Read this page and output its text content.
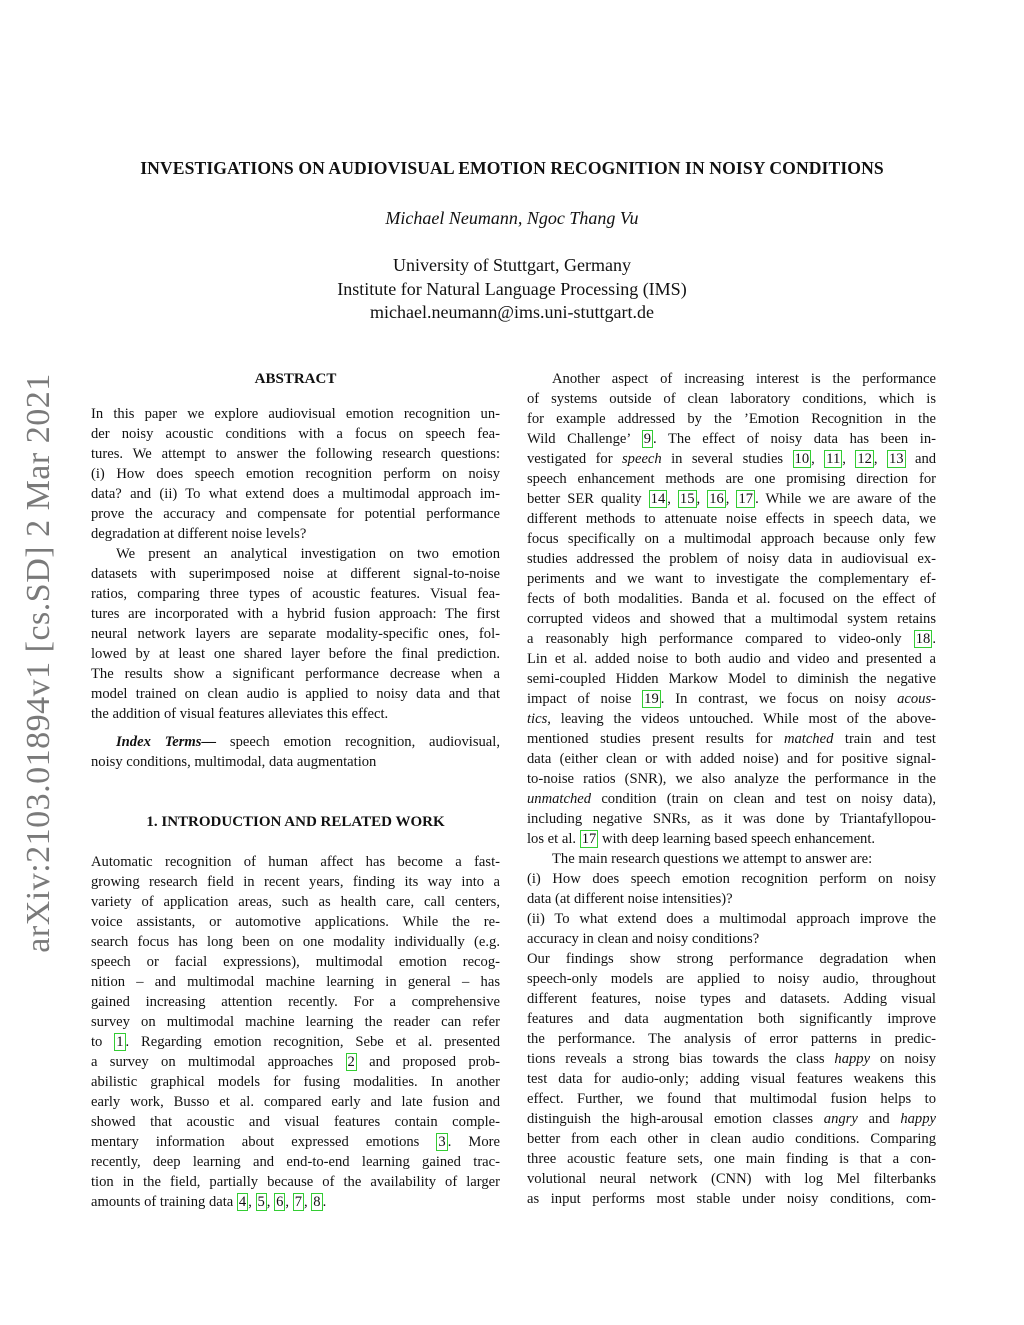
arXiv:2103.01894v1 [cs.SD] 2 Mar 2021
INVESTIGATIONS ON AUDIOVISUAL EMOTION RECOGNITION IN NOISY CONDITIONS
Michael Neumann, Ngoc Thang Vu
University of Stuttgart, Germany
Institute for Natural Language Processing (IMS)
michael.neumann@ims.uni-stuttgart.de
ABSTRACT
In this paper we explore audiovisual emotion recognition un-
der noisy acoustic conditions with a focus on speech fea-
tures. We attempt to answer the following research questions:
(i) How does speech emotion recognition perform on noisy
data? and (ii) To what extend does a multimodal approach im-
prove the accuracy and compensate for potential performance
degradation at different noise levels?
We present an analytical investigation on two emotion
datasets with superimposed noise at different signal-to-noise
ratios, comparing three types of acoustic features. Visual fea-
tures are incorporated with a hybrid fusion approach: The first
neural network layers are separate modality-specific ones, fol-
lowed by at least one shared layer before the final prediction.
The results show a significant performance decrease when a
model trained on clean audio is applied to noisy data and that
the addition of visual features alleviates this effect.
Index Terms— speech emotion recognition, audiovisual,
noisy conditions, multimodal, data augmentation
1. INTRODUCTION AND RELATED WORK
Automatic recognition of human affect has become a fast-
growing research field in recent years, finding its way into a
variety of application areas, such as health care, call centers,
voice assistants, or automotive applications. While the re-
search focus has long been on one modality individually (e.g.
speech or facial expressions), multimodal emotion recog-
nition – and multimodal machine learning in general – has
gained increasing attention recently. For a comprehensive
survey on multimodal machine learning the reader can refer
to 1 . Regarding emotion recognition, Sebe et al. presented
a survey on multimodal approaches 2 and proposed prob-
abilistic graphical models for fusing modalities. In another
early work, Busso et al. compared early and late fusion and
showed that acoustic and visual features contain comple-
mentary information about expressed emotions 3 . More
recently, deep learning and end-to-end learning gained trac-
tion in the field, partially because of the availability of larger
amounts of training data 4 , 5 , 6 , 7 , 8 .
Another aspect of increasing interest is the performance
of systems outside of clean laboratory conditions, which is
for example addressed by the ’Emotion Recognition in the
Wild Challenge’ 9 . The effect of noisy data has been in-
vestigated for speech in several studies 10 , 11 , 12 , 13 and
speech enhancement methods are one promising direction for
better SER quality 14 , 15 , 16 , 17 . While we are aware of the
different methods to attenuate noise effects in speech data, we
focus specifically on a multimodal approach because only few
studies addressed the problem of noisy data in audiovisual ex-
periments and we want to investigate the complementary ef-
fects of both modalities. Banda et al. focused on the effect of
corrupted videos and showed that a multimodal system retains
a reasonably high performance compared to video-only 18 .
Lin et al. added noise to both audio and video and presented a
semi-coupled Hidden Markow Model to diminish the negative
impact of noise 19 . In contrast, we focus on noisy acous-
tics, leaving the videos untouched. While most of the above-
mentioned studies present results for matched train and test
data (either clean or with added noise) and for positive signal-
to-noise ratios (SNR), we also analyze the performance in the
unmatched condition (train on clean and test on noisy data),
including negative SNRs, as it was done by Triantafyllopou-
los et al. 17 with deep learning based speech enhancement.
The main research questions we attempt to answer are:
(i) How does speech emotion recognition perform on noisy
data (at different noise intensities)?
(ii) To what extend does a multimodal approach improve the
accuracy in clean and noisy conditions?
Our findings show strong performance degradation when
speech-only models are applied to noisy audio, throughout
different features, noise types and datasets. Adding visual
features and data augmentation both significantly improve
the performance. The analysis of error patterns in predic-
tions reveals a strong bias towards the class happy on noisy
test data for audio-only; adding visual features weakens this
effect. Further, we found that multimodal fusion helps to
distinguish the high-arousal emotion classes angry and happy
better from each other in clean audio conditions. Comparing
three acoustic feature sets, one main finding is that a con-
volutional neural network (CNN) with log Mel filterbanks
as input performs most stable under noisy conditions, com-
